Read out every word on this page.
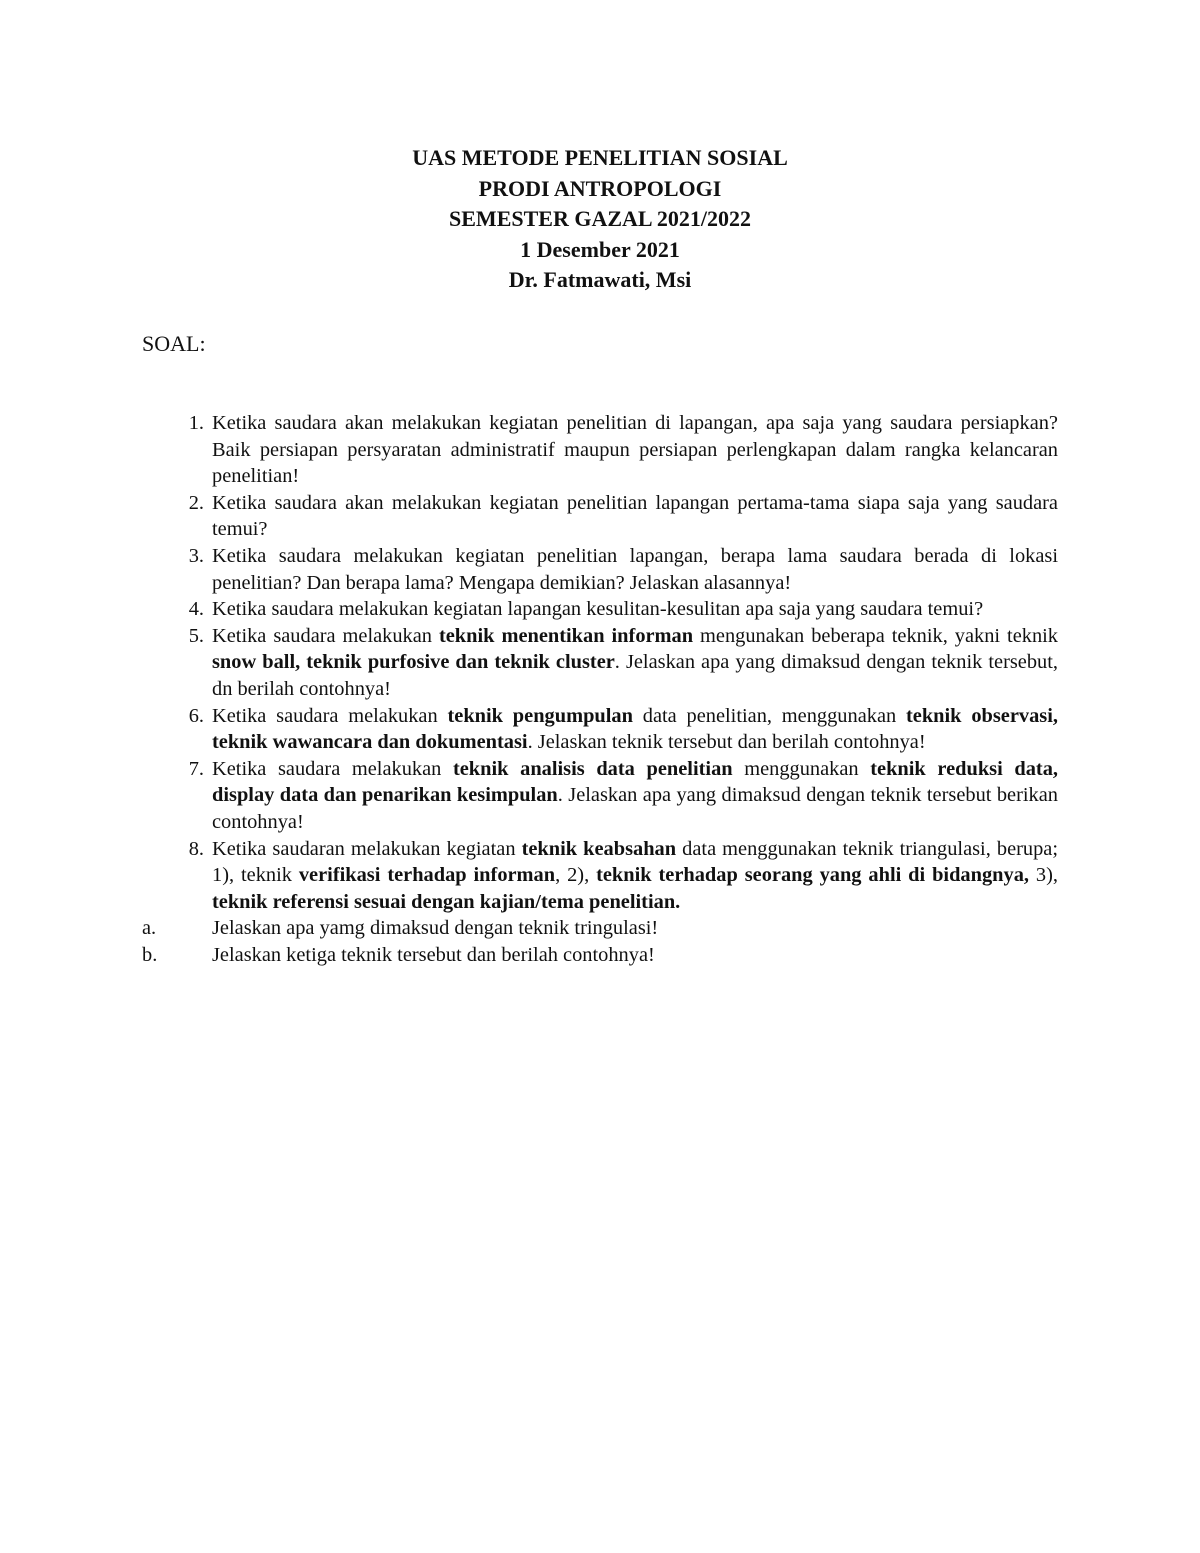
UAS METODE PENELITIAN SOSIAL
PRODI ANTROPOLOGI
SEMESTER GAZAL 2021/2022
1 Desember 2021
Dr. Fatmawati, Msi
SOAL:
1. Ketika saudara akan melakukan kegiatan penelitian di lapangan, apa saja yang saudara persiapkan? Baik persiapan persyaratan administratif maupun persiapan perlengkapan dalam rangka kelancaran penelitian!
2. Ketika saudara akan melakukan kegiatan penelitian lapangan pertama-tama siapa saja yang saudara temui?
3. Ketika saudara melakukan kegiatan penelitian lapangan, berapa lama saudara berada di lokasi penelitian? Dan berapa lama? Mengapa demikian? Jelaskan alasannya!
4. Ketika saudara melakukan kegiatan lapangan kesulitan-kesulitan apa saja yang saudara temui?
5. Ketika saudara melakukan teknik menentikan informan mengunakan beberapa teknik, yakni teknik snow ball, teknik purfosive dan teknik cluster. Jelaskan apa yang dimaksud dengan teknik tersebut, dn berilah contohnya!
6. Ketika saudara melakukan teknik pengumpulan data penelitian, menggunakan teknik observasi, teknik wawancara dan dokumentasi. Jelaskan teknik tersebut dan berilah contohnya!
7. Ketika saudara melakukan teknik analisis data penelitian menggunakan teknik reduksi data, display data dan penarikan kesimpulan. Jelaskan apa yang dimaksud dengan teknik tersebut berikan contohnya!
8. Ketika saudaran melakukan kegiatan teknik keabsahan data menggunakan teknik triangulasi, berupa; 1), teknik verifikasi terhadap informan, 2), teknik terhadap seorang yang ahli di bidangnya, 3), teknik referensi sesuai dengan kajian/tema penelitian.
a.	Jelaskan apa yamg dimaksud dengan teknik tringulasi!
b.	Jelaskan ketiga teknik tersebut dan berilah contohnya!
